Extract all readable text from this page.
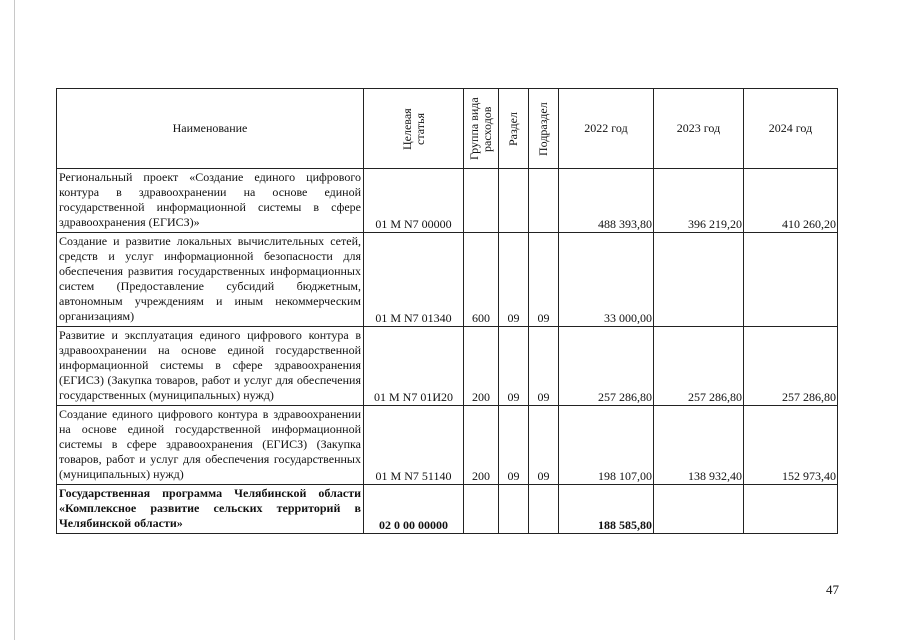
Наименование	Целевая статья	Группа вида расходов	Раздел	Подраздел	2022 год	2023 год	2024 год
Региональный проект «Создание единого цифрового контура в здравоохранении на основе единой государственной информационной системы в сфере здравоохранения (ЕГИСЗ)»	01 M N7 00000				488 393,80	396 219,20	410 260,20
Создание и развитие локальных вычислительных сетей, средств и услуг информационной безопасности для обеспечения развития государственных информационных систем (Предоставление субсидий бюджетным, автономным учреждениям и иным некоммерческим организациям)	01 M N7 01340	600	09	09	33 000,00		
Развитие и эксплуатация единого цифрового контура в здравоохранении на основе единой государственной информационной системы в сфере здравоохранения (ЕГИСЗ) (Закупка товаров, работ и услуг для обеспечения государственных (муниципальных) нужд)	01 M N7 01И20	200	09	09	257 286,80	257 286,80	257 286,80
Создание единого цифрового контура в здравоохранении на основе единой государственной информационной системы в сфере здравоохранения (ЕГИСЗ) (Закупка товаров, работ и услуг для обеспечения государственных (муниципальных) нужд)	01 M N7 51140	200	09	09	198 107,00	138 932,40	152 973,40
Государственная программа Челябинской области «Комплексное развитие сельских территорий в Челябинской области»	02 0 00 00000				188 585,80		
47
